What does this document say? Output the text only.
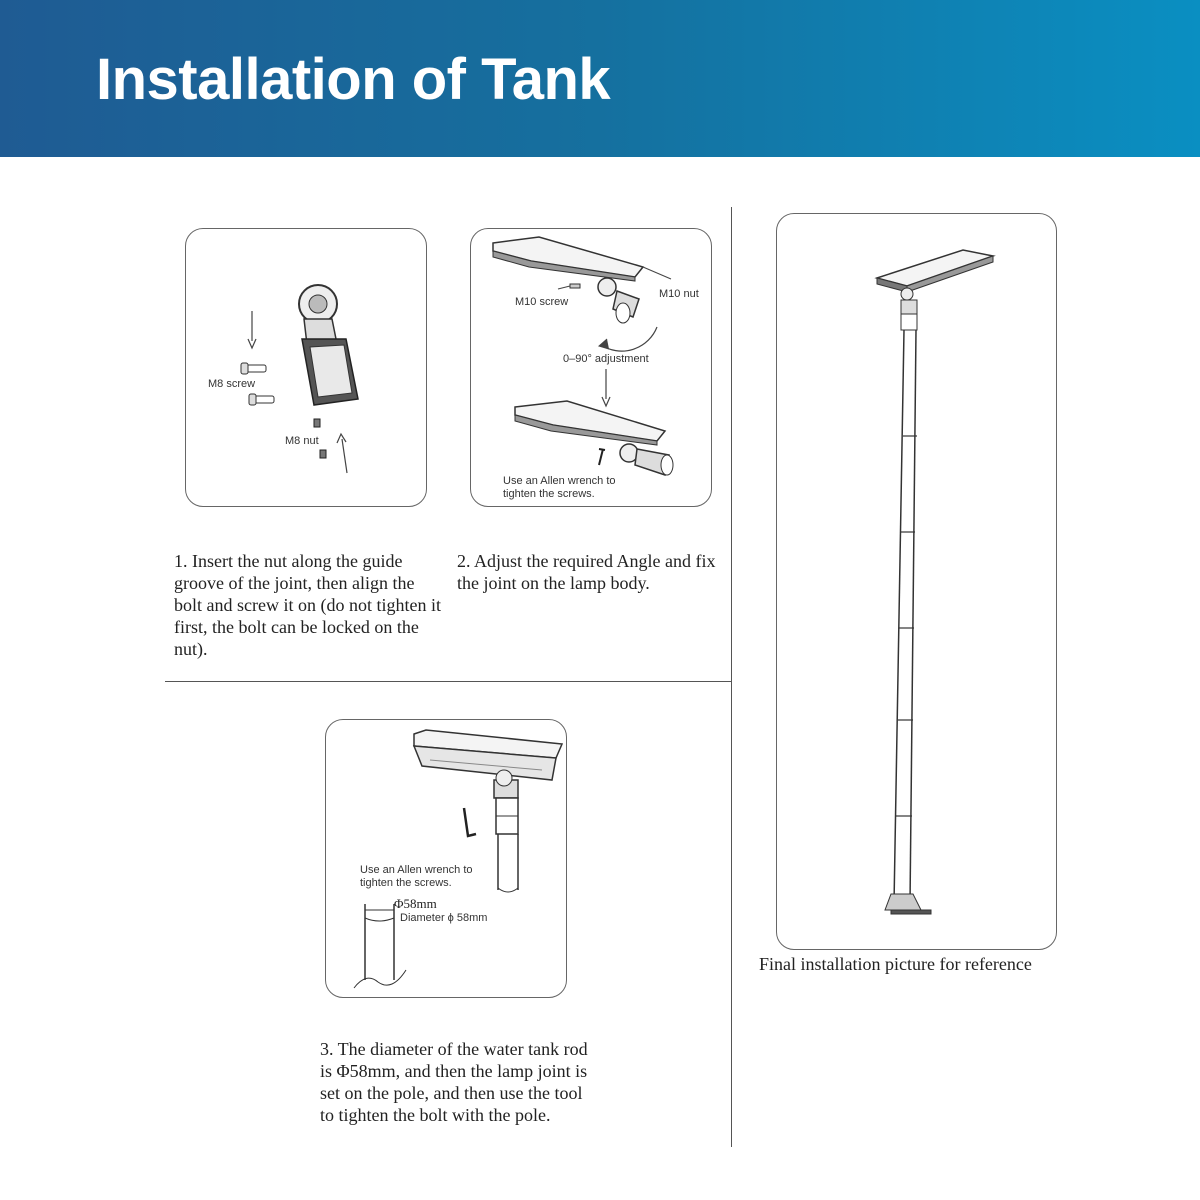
Installation of Tank
M8 screw
M8 nut
M10 screw
M10 nut
0–90° adjustment
Use an Allen wrench to
tighten the screws.
Use an Allen wrench to
tighten the screws.
Φ58mm
Diameter ϕ 58mm

1. Insert the nut along the guide groove of the joint, then align the bolt and screw it on (do not tighten it first, the bolt can be locked on the nut).

2. Adjust the required Angle and fix the joint on the lamp body.

3. The diameter of the water tank rod is Φ58mm, and then the lamp joint is set on the pole, and then use the tool to tighten the bolt with the pole.

Final installation picture for reference
